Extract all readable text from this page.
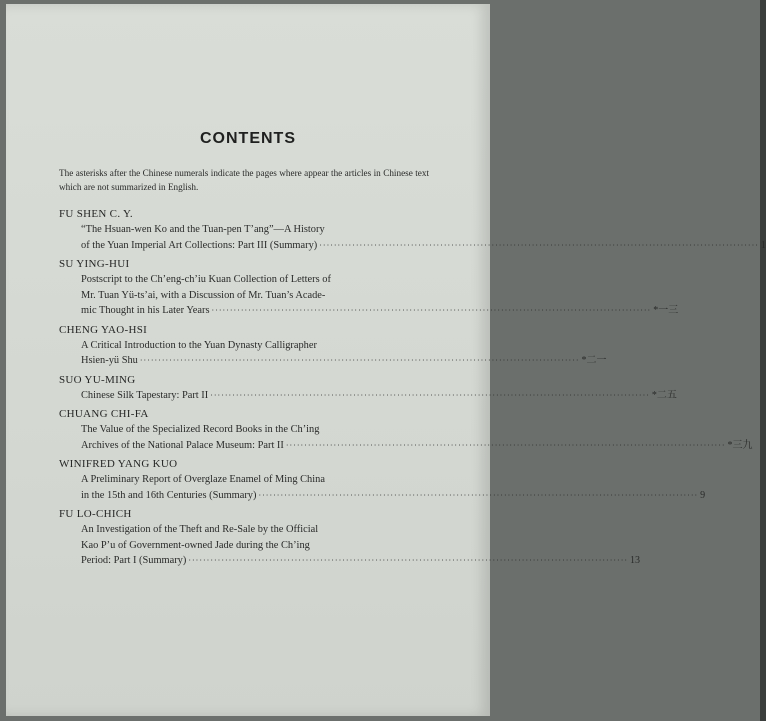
CONTENTS
The asterisks after the Chinese numerals indicate the pages where appear the articles in Chinese text which are not summarized in English.
FU SHEN C. Y.
“The Hsuan-wen Ko and the Tuan-pen T’ang”—A History
of the Yuan Imperial Art Collections: Part III (Summary) ························································································································ 1
SU YING-HUI
Postscript to the Ch’eng-ch’iu Kuan Collection of Letters of
Mr. Tuan Yü-ts’ai, with a Discussion of Mr. Tuan’s Acade-
mic Thought in his Later Years ························································································································ *一三
CHENG YAO-HSI
A Critical Introduction to the Yuan Dynasty Calligrapher
Hsien-yü Shu ························································································································ *二一
SUO YU-MING
Chinese Silk Tapestary: Part II ························································································································ *二五
CHUANG CHI-FA
The Value of the Specialized Record Books in the Ch’ing
Archives of the National Palace Museum: Part II ························································································································ *三九
WINIFRED YANG KUO
A Preliminary Report of Overglaze Enamel of Ming China
in the 15th and 16th Centuries (Summary) ························································································································ 9
FU LO-CHICH
An Investigation of the Theft and Re-Sale by the Official
Kao P’u of Government-owned Jade during the Ch’ing
Period: Part I (Summary) ························································································································ 13
